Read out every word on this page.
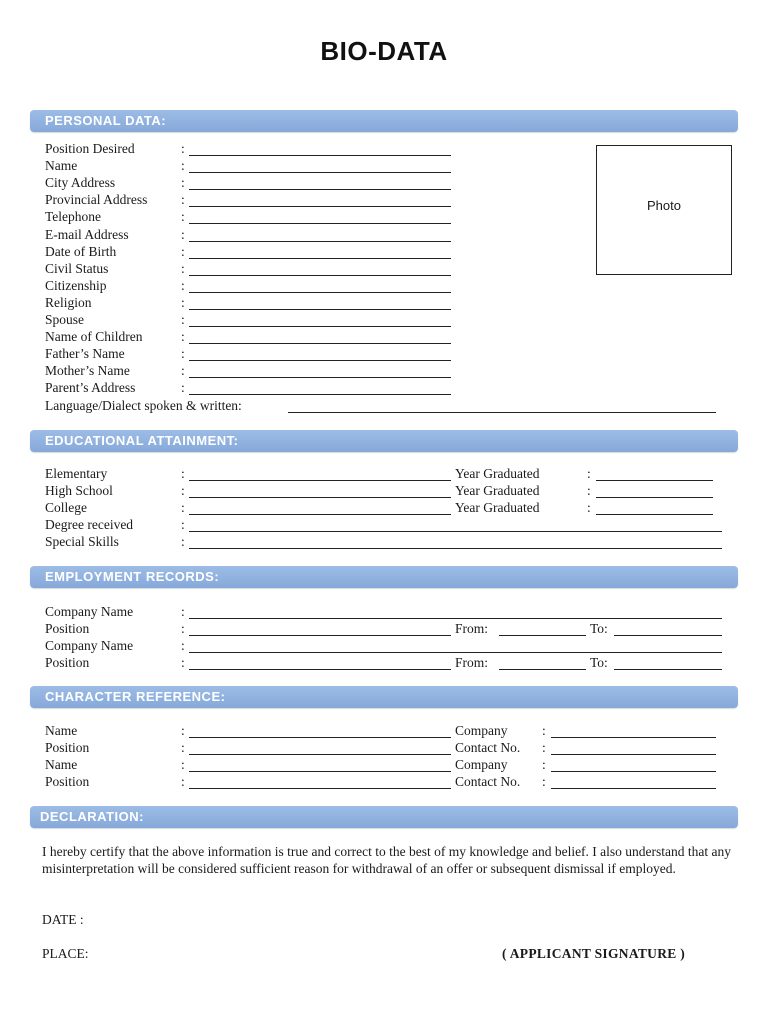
BIO-DATA
PERSONAL DATA:
Position Desired	:
Name	:
City Address	:
Provincial Address :
Telephone	:
E-mail Address	:
Date of Birth	:
Civil Status	:
Citizenship	:
Religion	:
Spouse	:
Name of Children	:
Father’s Name	:
Mother’s Name	:
Parent’s Address	:
Photo
Language/Dialect spoken & written:
EDUCATIONAL ATTAINMENT:
Elementary	:	Year Graduated	:
High School	:	Year Graduated	:
College	:	Year Graduated	:
Degree received	:
Special Skills	:
EMPLOYMENT RECORDS:
Company Name	:
Position	:	From:	To:
Company Name	:
Position	:	From:	To:
CHARACTER REFERENCE:
Name	:	Company	:
Position	:	Contact No. :
Name	:	Company	:
Position	:	Contact No. :
DECLARATION:
I hereby certify that the above information is true and correct to the best of my knowledge and belief. I also understand that any misinterpretation will be considered sufficient reason for withdrawal of an offer or subsequent dismissal if employed.
DATE :
PLACE:	( APPLICANT SIGNATURE )
